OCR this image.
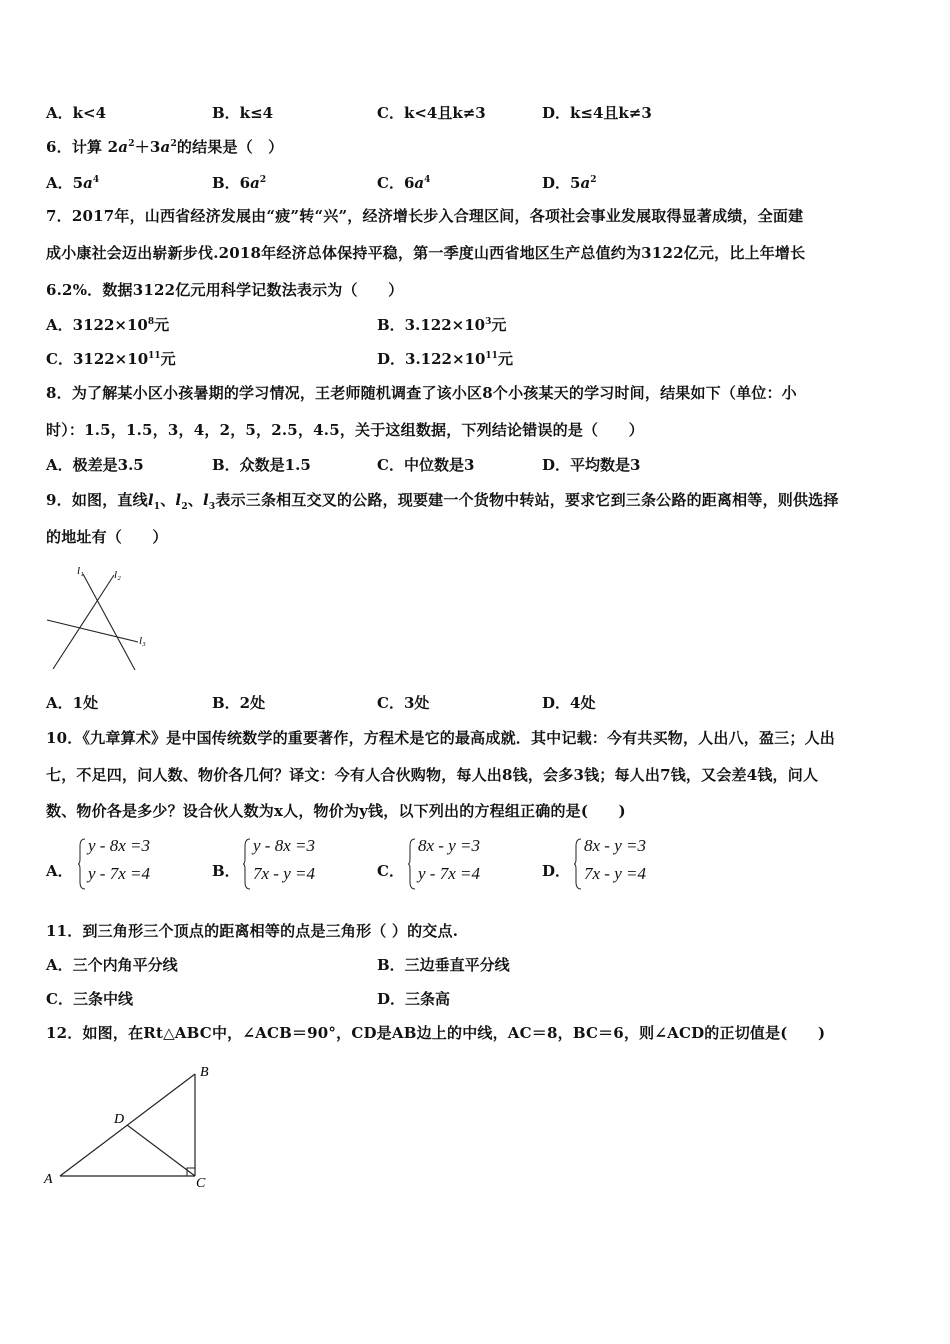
A．k<4	B．k≤4	C．k<4且k≠3	D．k≤4且k≠3
6．计算 $2a^2+3a^2$的结果是（　）
A．$5a^4$	B．$6a^2$	C．$6a^4$	D．$5a^2$
7．2017年，山西省经济发展由“疲”转“兴”，经济增长步入合理区间，各项社会事业发展取得显著成绩，全面建
成小康社会迈出崭新步伐.2018年经济总体保持平稳，第一季度山西省地区生产总值约为3122亿元，比上年增长
6.2%．数据3122亿元用科学记数法表示为（　　）
A．$3122\times 10^8$元	B．$3.122\times 10^3$元
C．$3122\times 10^{11}$元	D．$3.122\times 10^{11}$元
8．为了解某小区小孩暑期的学习情况，王老师随机调查了该小区8个小孩某天的学习时间，结果如下（单位：小
时）：1.5，1.5，3，4，2，5，2.5，4.5，关于这组数据，下列结论错误的是（　　）
A．极差是3.5	B．众数是1.5	C．中位数是3	D．平均数是3
9．如图，直线$l_1$、$l_2$、$l_3$表示三条相互交叉的公路，现要建一个货物中转站，要求它到三条公路的距离相等，则供选择
的地址有（　　）
l₁	l₂
l₃
A．1处	B．2处	C．3处	D．4处
10．《九章算术》是中国传统数学的重要著作，方程术是它的最高成就．其中记载：今有共买物，人出八，盈三；人出
七，不足四，问人数、物价各几何？译文：今有人合伙购物，每人出8钱，会多3钱；每人出7钱，又会差4钱，问人
数、物价各是多少？设合伙人数为x人，物价为y钱，以下列出的方程组正确的是(　　)
A．
y - 8x =3
y - 7x =4	B．
y - 8x =3
7x - y =4	C．
8x - y =3
y - 7x =4	D．
8x - y =3
7x - y =4
11．到三角形三个顶点的距离相等的点是三角形（ ）的交点.
A．三个内角平分线	B．三边垂直平分线
C．三条中线	D．三条高
12．如图，在Rt△ABC中，∠ACB＝90°，CD是AB边上的中线，AC＝8，BC＝6，则∠ACD的正切值是(　　)
A
B
C
D
